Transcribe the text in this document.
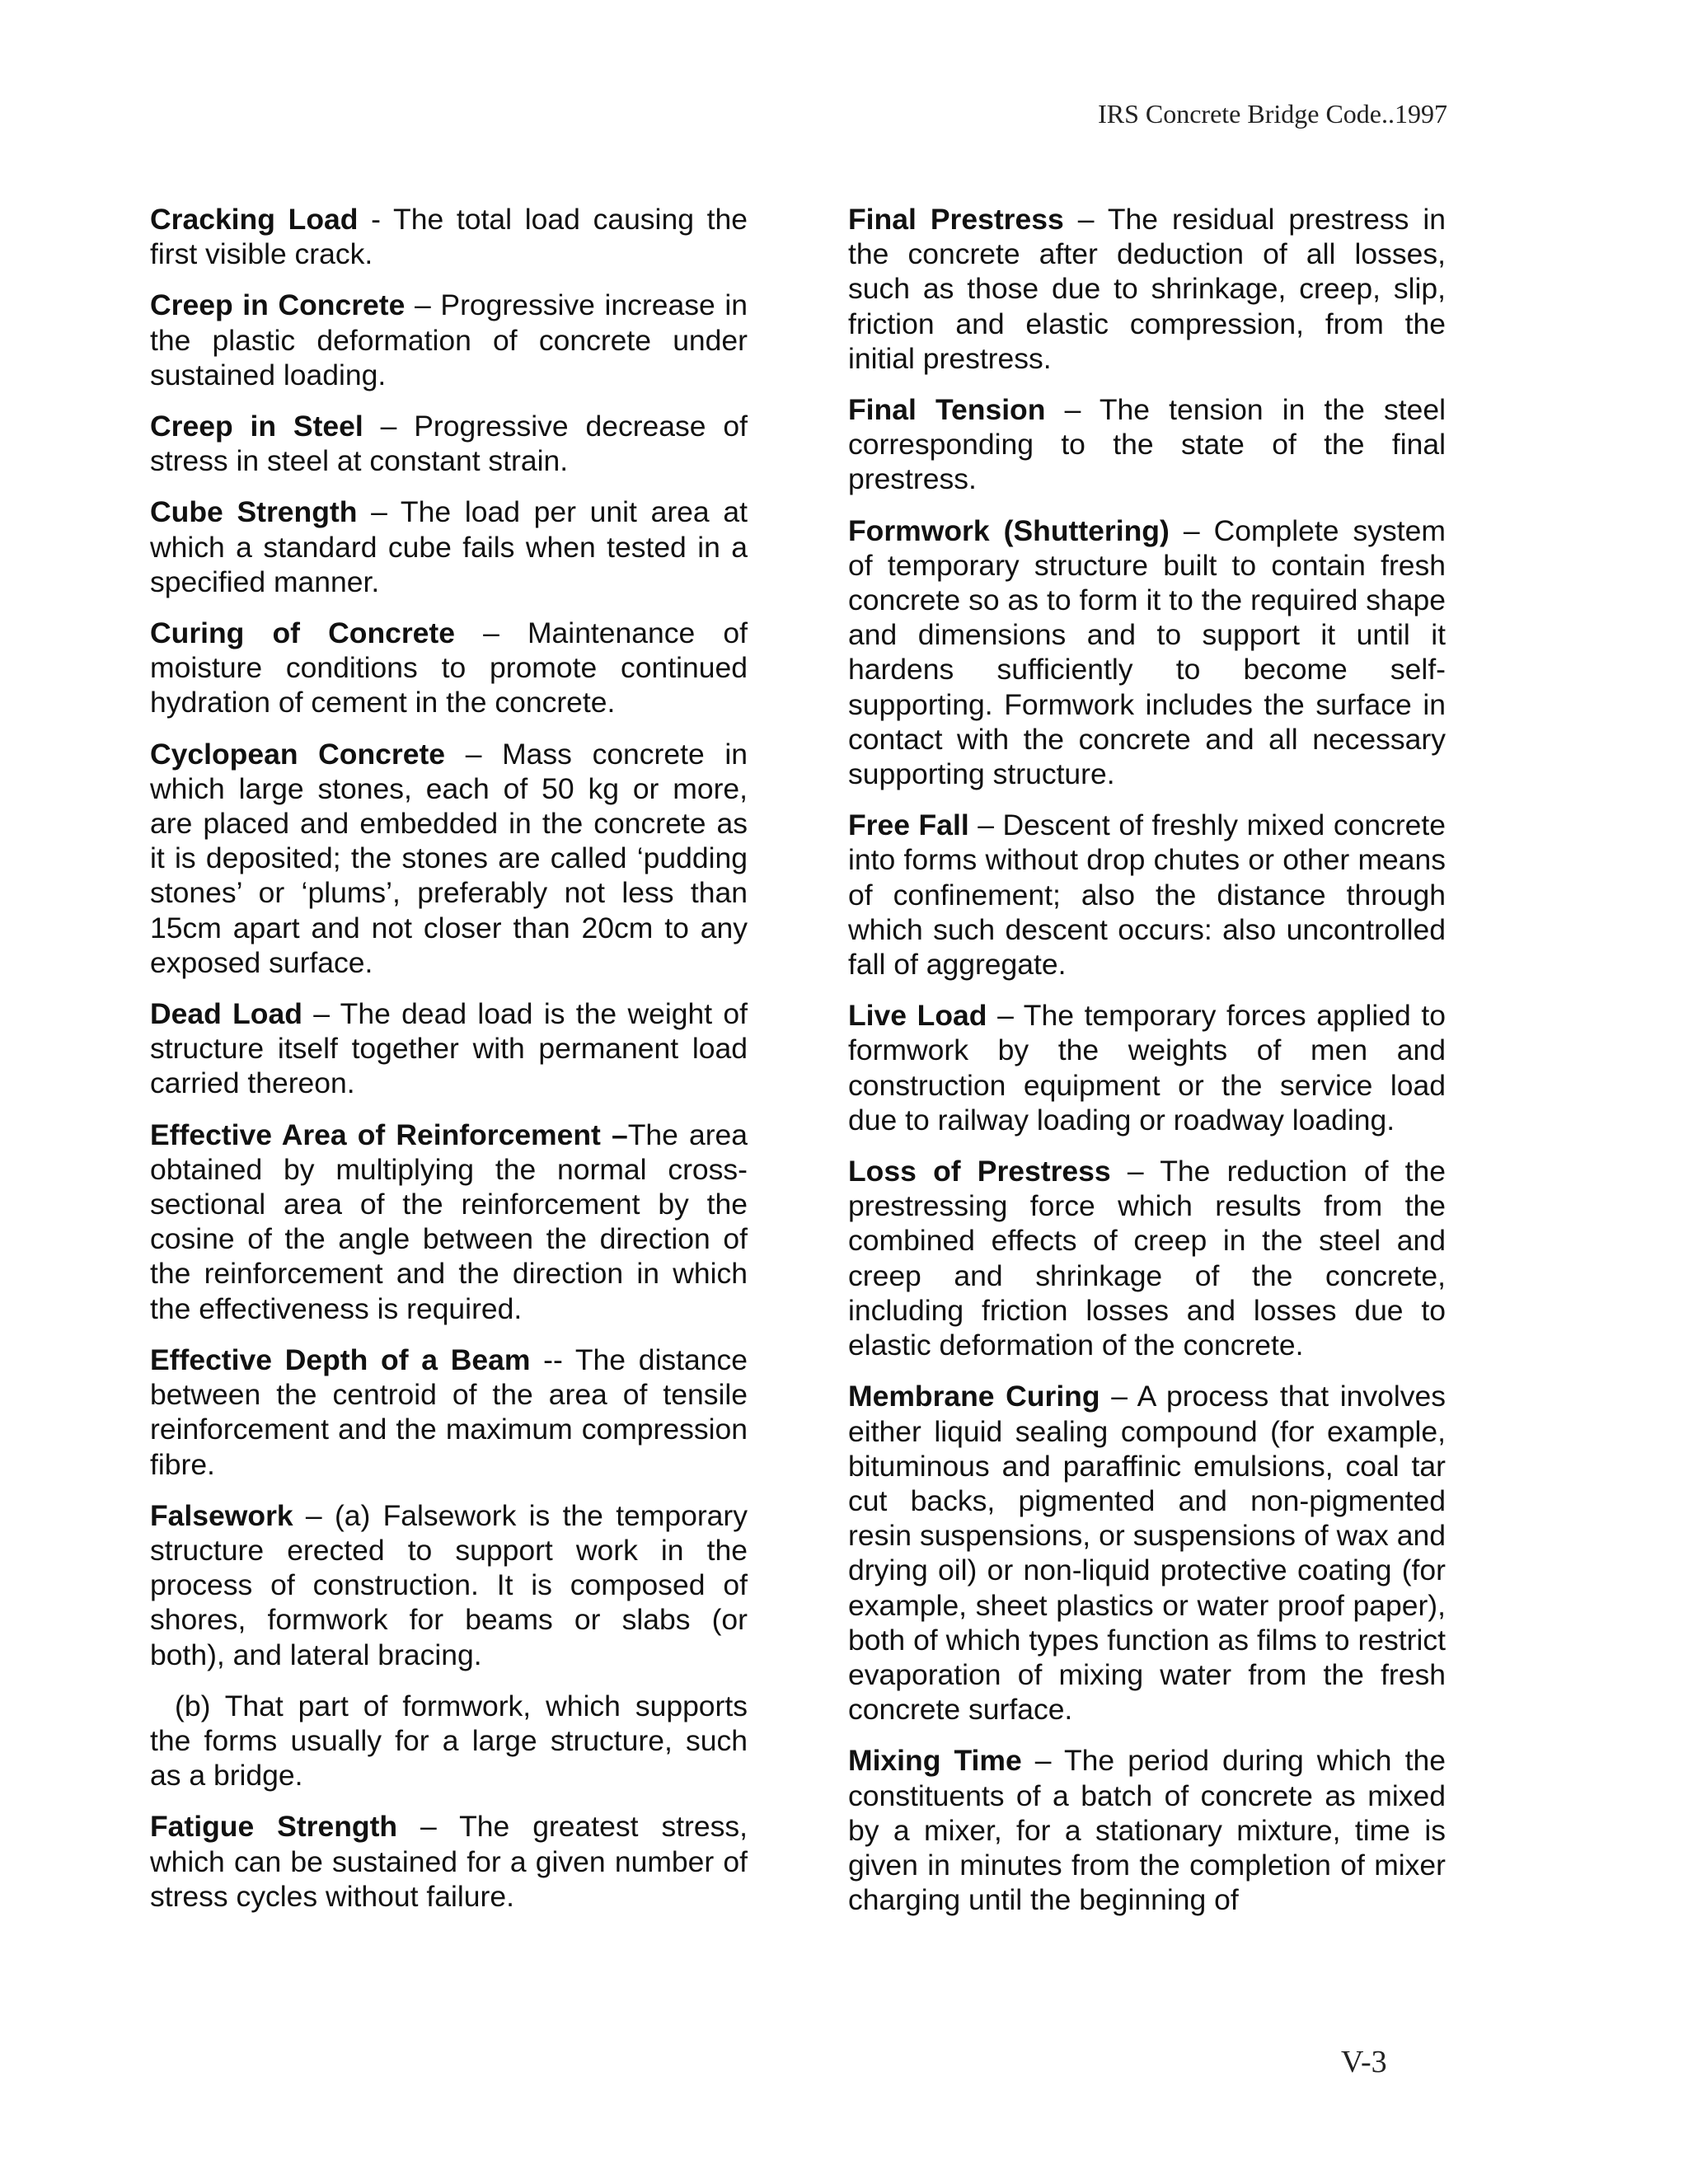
IRS Concrete Bridge Code..1997

Cracking Load - The total load causing the first visible crack.

Creep in Concrete – Progressive increase in the plastic deformation of concrete under sustained loading.

Creep in Steel – Progressive decrease of stress in steel at constant strain.

Cube Strength – The load per unit area at which a standard cube fails when tested in a specified manner.

Curing of Concrete – Maintenance of moisture conditions to promote continued hydration of cement in the concrete.

Cyclopean Concrete – Mass concrete in which large stones, each of 50 kg or more, are placed and embedded in the concrete as it is deposited; the stones are called ‘pudding stones’ or ‘plums’, preferably not less than 15cm apart and not closer than 20cm to any exposed surface.

Dead Load – The dead load is the weight of structure itself together with permanent load carried thereon.

Effective Area of Reinforcement –The area obtained by multiplying the normal cross-sectional area of the reinforcement by the cosine of the angle between the direction of the reinforcement and the direction in which the effectiveness is required.

Effective Depth of a Beam -- The distance between the centroid of the area of tensile reinforcement and the maximum compression fibre.

Falsework – (a) Falsework is the temporary structure erected to support work in the process of construction. It is composed of shores, formwork for beams or slabs (or both), and lateral bracing.

(b) That part of formwork, which supports the forms usually for a large structure, such as a bridge.

Fatigue Strength – The greatest stress, which can be sustained for a given number of stress cycles without failure.

Final Prestress – The residual prestress in the concrete after deduction of all losses, such as those due to shrinkage, creep, slip, friction and elastic compression, from the initial prestress.

Final Tension – The tension in the steel corresponding to the state of the final prestress.

Formwork (Shuttering) – Complete system of temporary structure built to contain fresh concrete so as to form it to the required shape and dimensions and to support it until it hardens sufficiently to become self-supporting. Formwork includes the surface in contact with the concrete and all necessary supporting structure.

Free Fall – Descent of freshly mixed concrete into forms without drop chutes or other means of confinement; also the distance through which such descent occurs: also uncontrolled fall of aggregate.

Live Load – The temporary forces applied to formwork by the weights of men and construction equipment or the service load due to railway loading or roadway loading.

Loss of Prestress – The reduction of the prestressing force which results from the combined effects of creep in the steel and creep and shrinkage of the concrete, including friction losses and losses due to elastic deformation of the concrete.

Membrane Curing – A process that involves either liquid sealing compound (for example, bituminous and paraffinic emulsions, coal tar cut backs, pigmented and non-pigmented resin suspensions, or suspensions of wax and drying oil) or non-liquid protective coating (for example, sheet plastics or water proof paper), both of which types function as films to restrict evaporation of mixing water from the fresh concrete surface.

Mixing Time – The period during which the constituents of a batch of concrete as mixed by a mixer, for a stationary mixture, time is given in minutes from the completion of mixer charging until the beginning of

V-3
